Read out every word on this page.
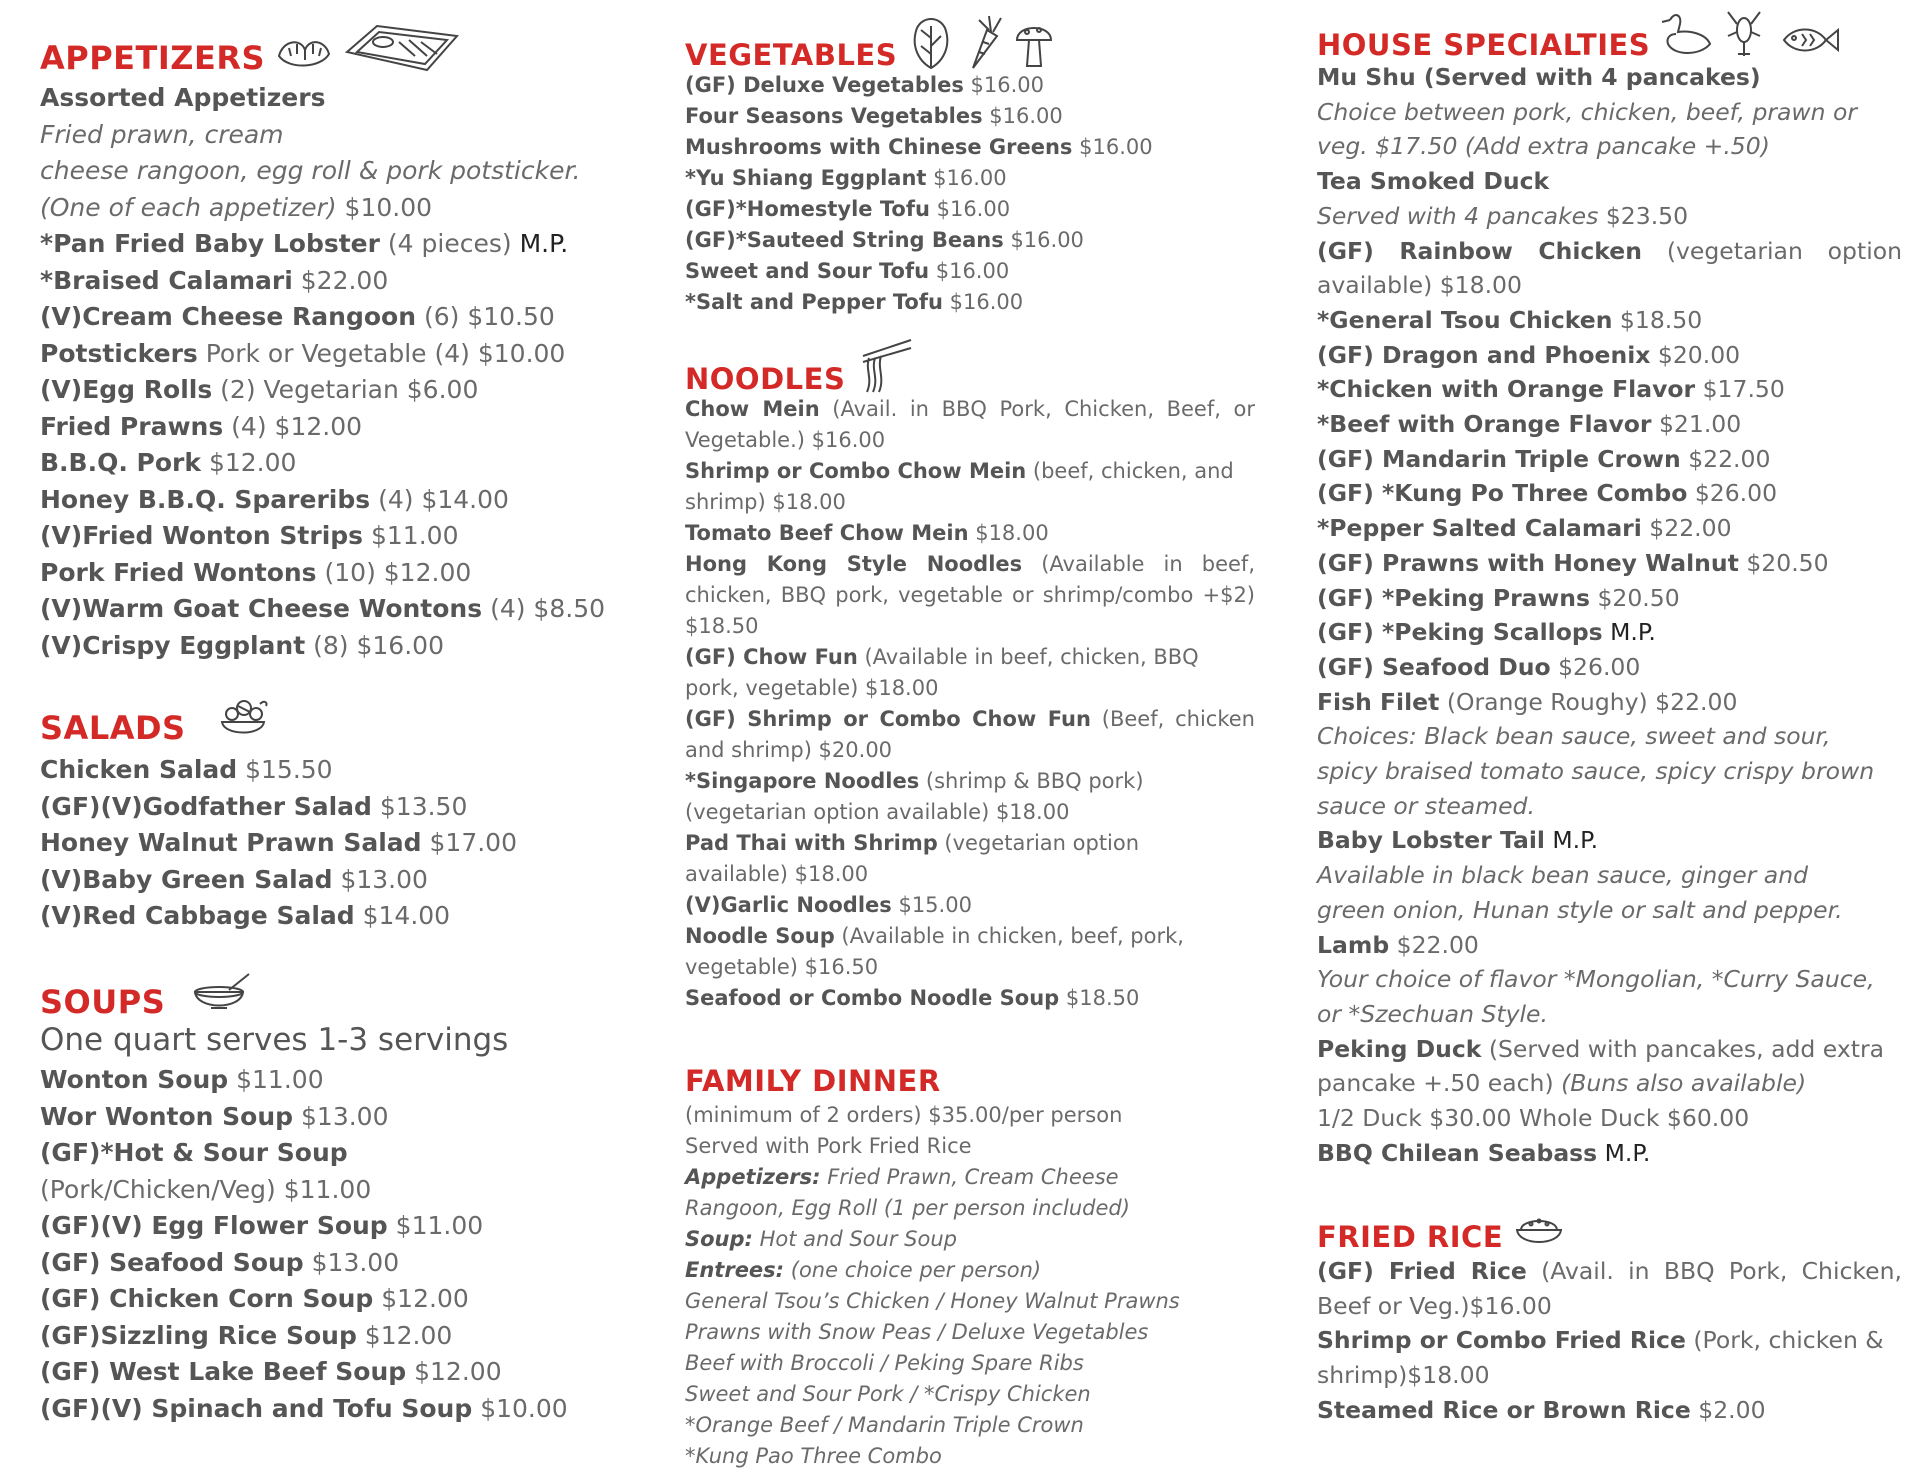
APPETIZERS
Assorted Appetizers
Fried prawn, cream
cheese rangoon, egg roll & pork potsticker.
(One of each appetizer) $10.00
*Pan Fried Baby Lobster (4 pieces) M.P.
*Braised Calamari $22.00
(V)Cream Cheese Rangoon (6) $10.50
Potstickers Pork or Vegetable (4) $10.00
(V)Egg Rolls (2) Vegetarian $6.00
Fried Prawns (4) $12.00
B.B.Q. Pork $12.00
Honey B.B.Q. Spareribs (4) $14.00
(V)Fried Wonton Strips $11.00
Pork Fried Wontons (10) $12.00
(V)Warm Goat Cheese Wontons (4) $8.50
(V)Crispy Eggplant (8) $16.00
SALADS
Chicken Salad $15.50
(GF)(V)Godfather Salad $13.50
Honey Walnut Prawn Salad $17.00
(V)Baby Green Salad $13.00
(V)Red Cabbage Salad $14.00
SOUPS
One quart serves 1-3 servings
Wonton Soup $11.00
Wor Wonton Soup $13.00
(GF)*Hot & Sour Soup
(Pork/Chicken/Veg) $11.00
(GF)(V) Egg Flower Soup $11.00
(GF) Seafood Soup $13.00
(GF) Chicken Corn Soup $12.00
(GF)Sizzling Rice Soup $12.00
(GF) West Lake Beef Soup $12.00
(GF)(V) Spinach and Tofu Soup $10.00
VEGETABLES
(GF) Deluxe Vegetables $16.00
Four Seasons Vegetables $16.00
Mushrooms with Chinese Greens $16.00
*Yu Shiang Eggplant $16.00
(GF)*Homestyle Tofu $16.00
(GF)*Sauteed String Beans $16.00
Sweet and Sour Tofu $16.00
*Salt and Pepper Tofu $16.00
NOODLES
Chow Mein (Avail. in BBQ Pork, Chicken, Beef, or Vegetable.) $16.00
Shrimp or Combo Chow Mein (beef, chicken, and shrimp) $18.00
Tomato Beef Chow Mein $18.00
Hong Kong Style Noodles (Available in beef, chicken, BBQ pork, vegetable or shrimp/combo +$2) $18.50
(GF) Chow Fun (Available in beef, chicken, BBQ pork, vegetable) $18.00
(GF) Shrimp or Combo Chow Fun (Beef, chicken and shrimp) $20.00
*Singapore Noodles (shrimp & BBQ pork) (vegetarian option available) $18.00
Pad Thai with Shrimp (vegetarian option available) $18.00
(V)Garlic Noodles $15.00
Noodle Soup (Available in chicken, beef, pork, vegetable) $16.50
Seafood or Combo Noodle Soup $18.50
FAMILY DINNER
(minimum of 2 orders) $35.00/per person
Served with Pork Fried Rice
Appetizers: Fried Prawn, Cream Cheese
Rangoon, Egg Roll (1 per person included)
Soup: Hot and Sour Soup
Entrees: (one choice per person)
General Tsou’s Chicken / Honey Walnut Prawns
Prawns with Snow Peas / Deluxe Vegetables
Beef with Broccoli / Peking Spare Ribs
Sweet and Sour Pork / *Crispy Chicken
*Orange Beef / Mandarin Triple Crown
*Kung Pao Three Combo
HOUSE SPECIALTIES
Mu Shu (Served with 4 pancakes)
Choice between pork, chicken, beef, prawn or veg. $17.50 (Add extra pancake +.50)
Tea Smoked Duck
Served with 4 pancakes $23.50
(GF) Rainbow Chicken (vegetarian option available) $18.00
*General Tsou Chicken $18.50
(GF) Dragon and Phoenix $20.00
*Chicken with Orange Flavor $17.50
*Beef with Orange Flavor $21.00
(GF) Mandarin Triple Crown $22.00
(GF) *Kung Po Three Combo $26.00
*Pepper Salted Calamari $22.00
(GF) Prawns with Honey Walnut $20.50
(GF) *Peking Prawns $20.50
(GF) *Peking Scallops M.P.
(GF) Seafood Duo $26.00
Fish Filet (Orange Roughy) $22.00
Choices: Black bean sauce, sweet and sour, spicy braised tomato sauce, spicy crispy brown sauce or steamed.
Baby Lobster Tail M.P.
Available in black bean sauce, ginger and green onion, Hunan style or salt and pepper.
Lamb $22.00
Your choice of flavor *Mongolian, *Curry Sauce, or *Szechuan Style.
Peking Duck (Served with pancakes, add extra pancake +.50 each) (Buns also available)
1/2 Duck $30.00 Whole Duck $60.00
BBQ Chilean Seabass M.P.
FRIED RICE
(GF) Fried Rice (Avail. in BBQ Pork, Chicken, Beef or Veg.)$16.00
Shrimp or Combo Fried Rice (Pork, chicken & shrimp)$18.00
Steamed Rice or Brown Rice $2.00
